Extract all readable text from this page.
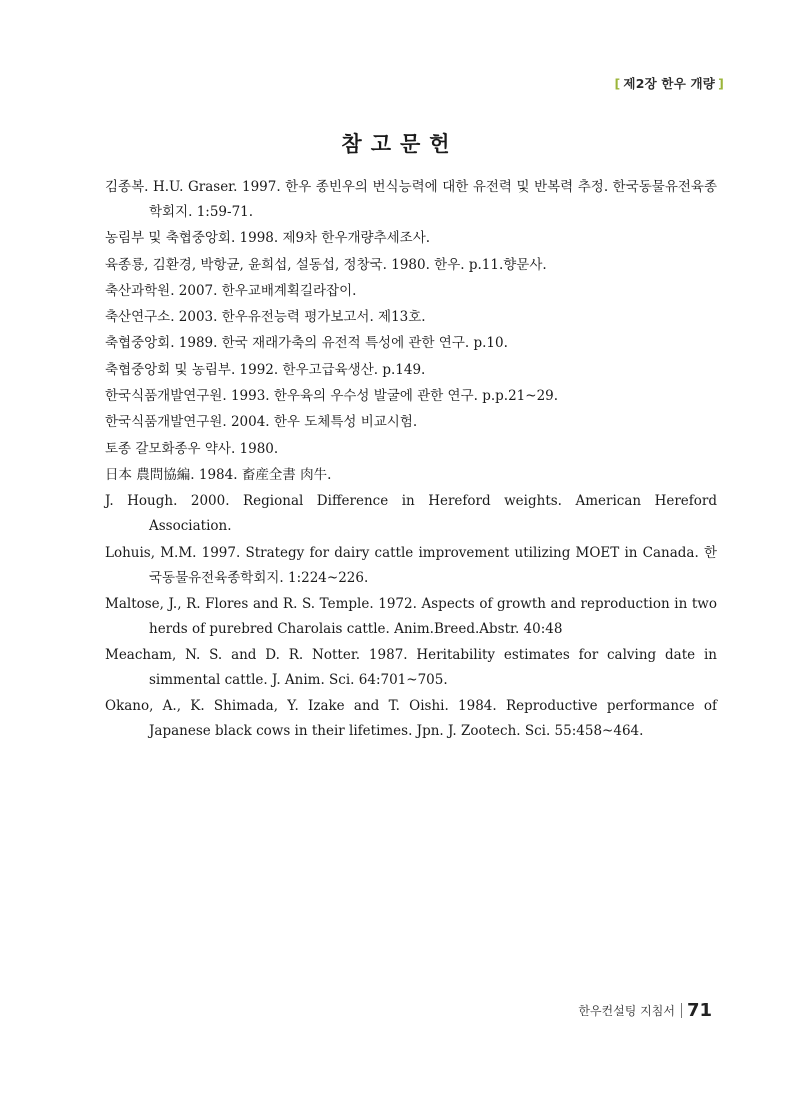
[ 제2장 한우 개량 ]
참고문헌

김종복. H.U. Graser. 1997. 한우 종빈우의 번식능력에 대한 유전력 및 반복력 추정. 한국동물유전육종학회지. 1:59-71.

농림부 및 축협중앙회. 1998. 제9차 한우개량추세조사.

육종룡, 김환경, 박항균, 윤희섭, 설동섭, 정창국. 1980. 한우. p.11.향문사.

축산과학원. 2007. 한우교배계획길라잡이.

축산연구소. 2003. 한우유전능력 평가보고서. 제13호.

축협중앙회. 1989. 한국 재래가축의 유전적 특성에 관한 연구. p.10.

축협중앙회 및 농림부. 1992. 한우고급육생산. p.149.

한국식품개발연구원. 1993. 한우육의 우수성 발굴에 관한 연구. p.p.21~29.

한국식품개발연구원. 2004. 한우 도체특성 비교시험.

토종 갈모화종우 약사. 1980.

日本 農問協編. 1984. 畜産全書 肉牛.

J. Hough. 2000. Regional Difference in Hereford weights. American Hereford Association.

Lohuis, M.M. 1997. Strategy for dairy cattle improvement utilizing MOET in Canada. 한국동물유전육종학회지. 1:224~226.

Maltose, J., R. Flores and R. S. Temple. 1972. Aspects of growth and reproduction in two herds of purebred Charolais cattle. Anim.Breed.Abstr. 40:48

Meacham, N. S. and D. R. Notter. 1987. Heritability estimates for calving date in simmental cattle. J. Anim. Sci. 64:701~705.

Okano, A., K. Shimada, Y. Izake and T. Oishi. 1984. Reproductive performance of Japanese black cows in their lifetimes. Jpn. J. Zootech. Sci. 55:458~464.

한우컨설팅 지침서 71
